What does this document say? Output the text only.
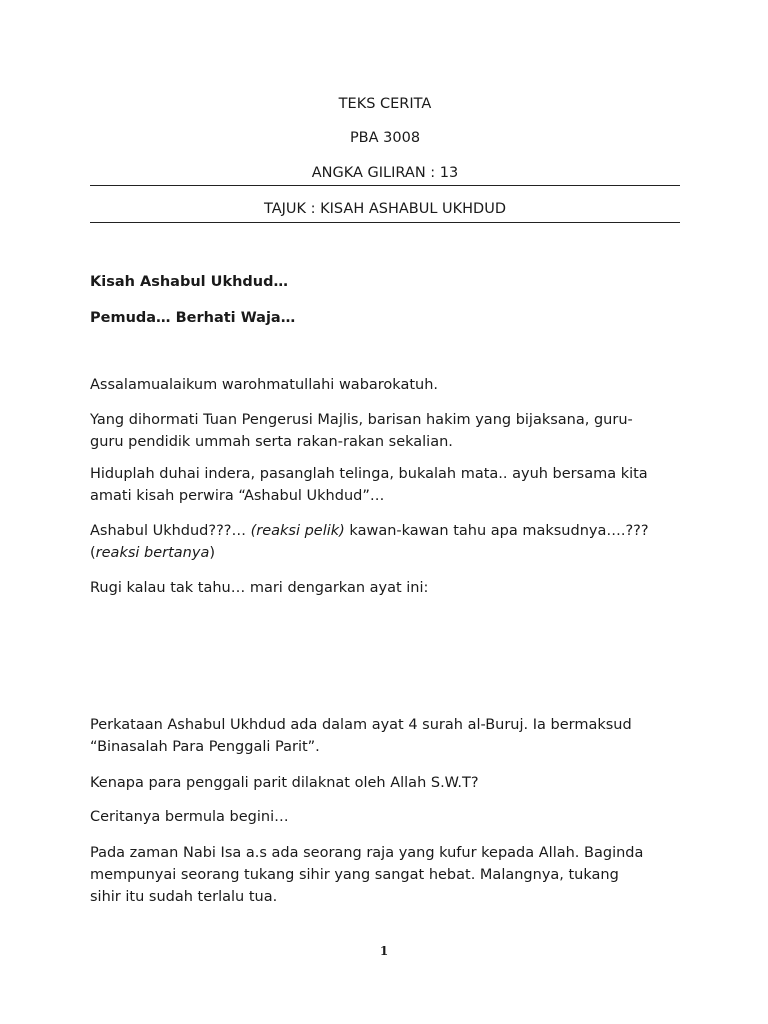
TEKS CERITA
PBA 3008
ANGKA GILIRAN : 13
TAJUK : KISAH ASHABUL UKHDUD
Kisah Ashabul Ukhdud…
Pemuda… Berhati Waja…
Assalamualaikum warohmatullahi wabarokatuh.
Yang dihormati Tuan Pengerusi Majlis, barisan hakim yang bijaksana, guru-
guru pendidik ummah serta rakan-rakan sekalian.
Hiduplah duhai indera, pasanglah telinga, bukalah mata.. ayuh bersama kita
amati kisah perwira “Ashabul Ukhdud”…
Ashabul Ukhdud???… (reaksi pelik) kawan-kawan tahu apa maksudnya….???
(reaksi bertanya)
Rugi kalau tak tahu… mari dengarkan ayat ini:
Perkataan Ashabul Ukhdud ada dalam ayat 4 surah al-Buruj. Ia bermaksud
“Binasalah Para Penggali Parit”.
Kenapa para penggali parit dilaknat oleh Allah S.W.T?
Ceritanya bermula begini…
Pada zaman Nabi Isa a.s ada seorang raja yang kufur kepada Allah. Baginda
mempunyai seorang tukang sihir yang sangat hebat. Malangnya, tukang
sihir itu sudah terlalu tua.
1
